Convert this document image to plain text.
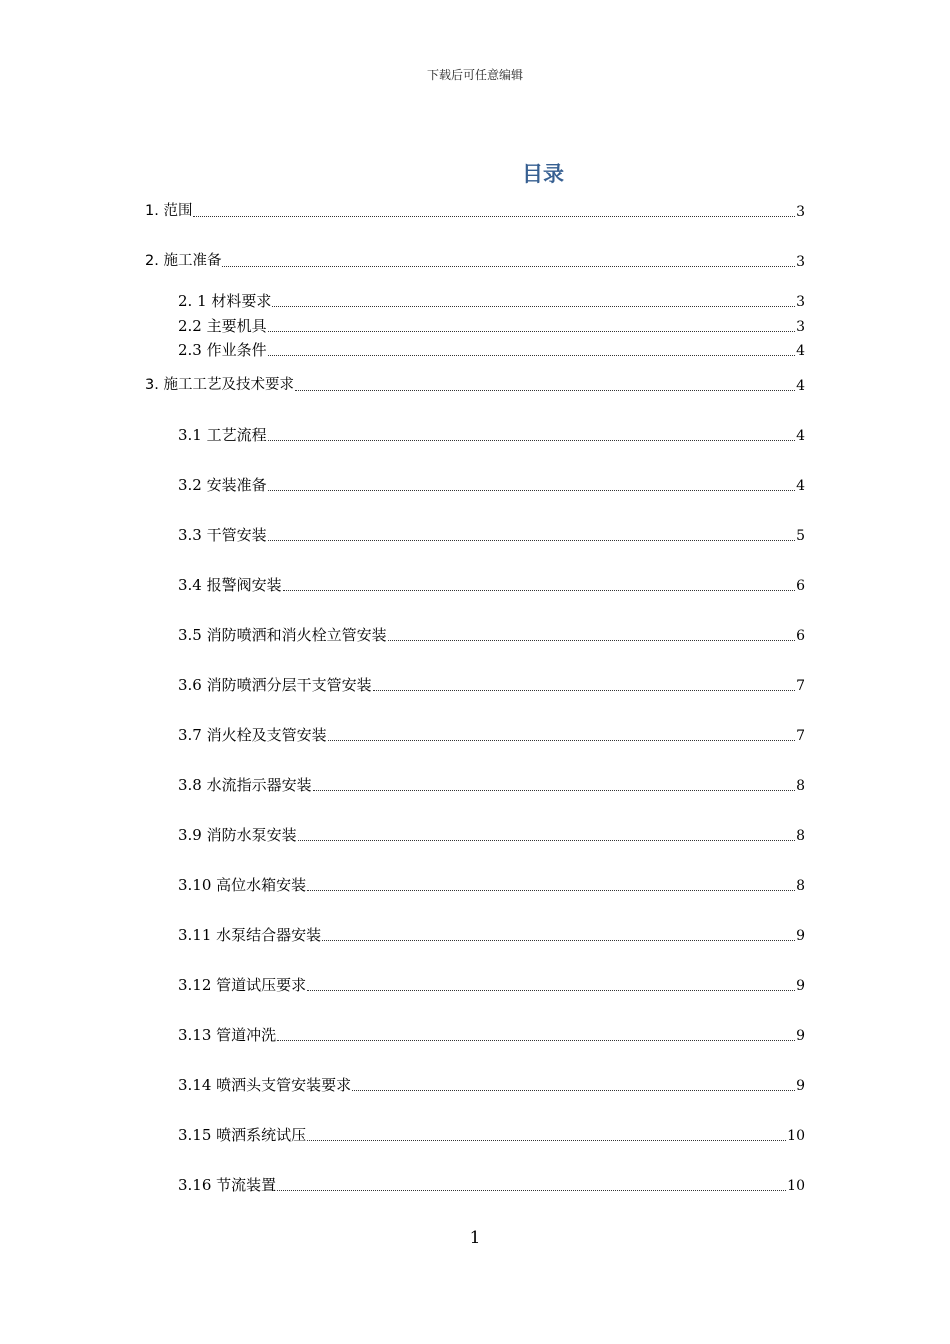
下载后可任意编辑
目录
1. 范围	3
2. 施工准备	3
2. 1 材料要求	3
2.2 主要机具	3
2.3 作业条件	4
3. 施工工艺及技术要求	4
3.1 工艺流程	4
3.2 安装准备	4
3.3 干管安装	5
3.4 报警阀安装	6
3.5 消防喷洒和消火栓立管安装	6
3.6 消防喷洒分层干支管安装	7
3.7 消火栓及支管安装	7
3.8 水流指示器安装	8
3.9 消防水泵安装	8
3.10 高位水箱安装	8
3.11 水泵结合器安装	9
3.12 管道试压要求	9
3.13 管道冲洗	9
3.14 喷洒头支管安装要求	9
3.15 喷洒系统试压	10
3.16 节流装置	10
1
